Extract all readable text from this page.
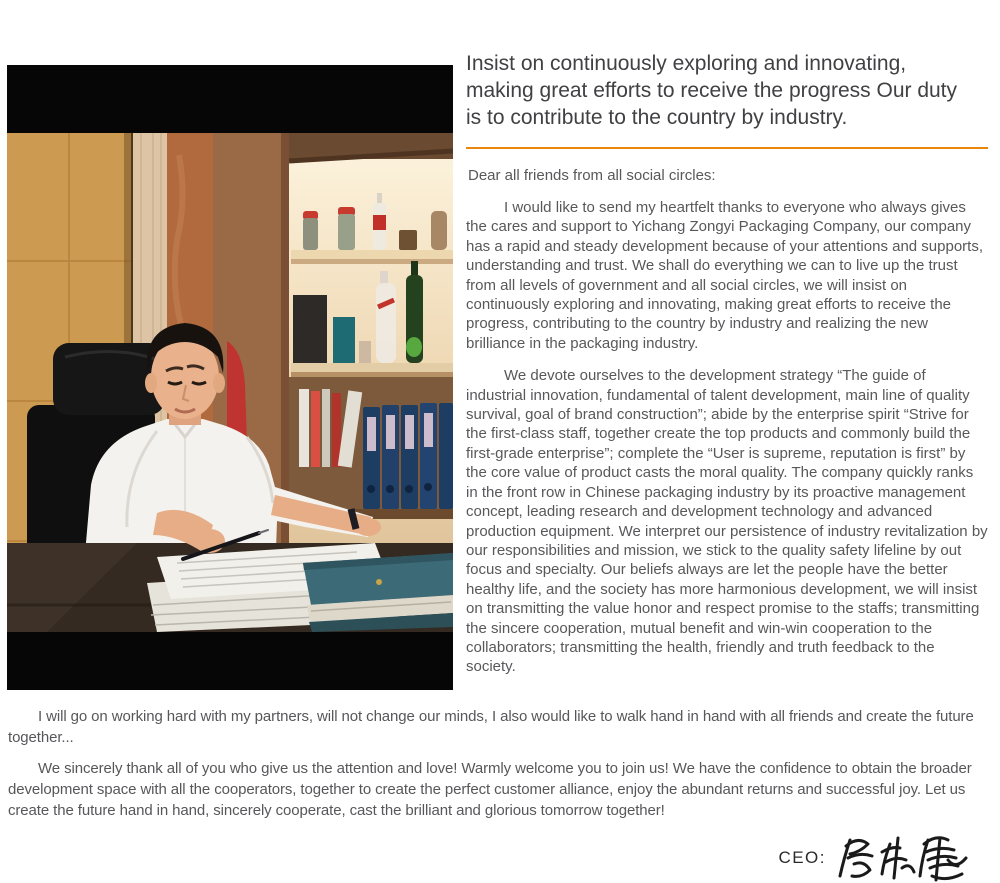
Insist on continuously exploring and innovating, making great efforts to receive the progress Our duty is to contribute to the country by industry.

Dear all friends from all social circles:

I would like to send my heartfelt thanks to everyone who always gives the cares and support to Yichang Zongyi Packaging Company, our company has a rapid and steady development because of your attentions and supports, understanding and trust. We shall do everything we can to live up the trust from all levels of government and all social circles, we will insist on continuously exploring and innovating, making great efforts to receive the progress, contributing to the country by industry and realizing the new brilliance in the packaging industry.

We devote ourselves to the development strategy “The guide of industrial innovation, fundamental of talent development, main line of quality survival, goal of brand construction”; abide by the enterprise spirit “Strive for the first-class staff, together create the top products and commonly build the first-grade enterprise”; complete the “User is supreme, reputation is first” by the core value of product casts the moral quality. The company quickly ranks in the front row in Chinese packaging industry by its proactive management concept, leading research and development technology and advanced production equipment. We interpret our persistence of industry revitalization by our responsibilities and mission, we stick to the quality safety lifeline by out focus and specialty. Our beliefs always are let the people have the better healthy life, and the society has more harmonious development, we will insist on transmitting the value honor and respect promise to the staffs; transmitting the sincere cooperation, mutual benefit and win-win cooperation to the collaborators; transmitting the health, friendly and truth feedback to the society.

I will go on working hard with my partners, will not change our minds, I also would like to walk hand in hand with all friends and create the future together...

We sincerely thank all of you who give us the attention and love! Warmly welcome you to join us! We have the confidence to obtain the broader development space with all the cooperators, together to create the perfect customer alliance, enjoy the abundant returns and successful joy. Let us create the future hand in hand, sincerely cooperate, cast the brilliant and glorious tomorrow together!

CEO:
